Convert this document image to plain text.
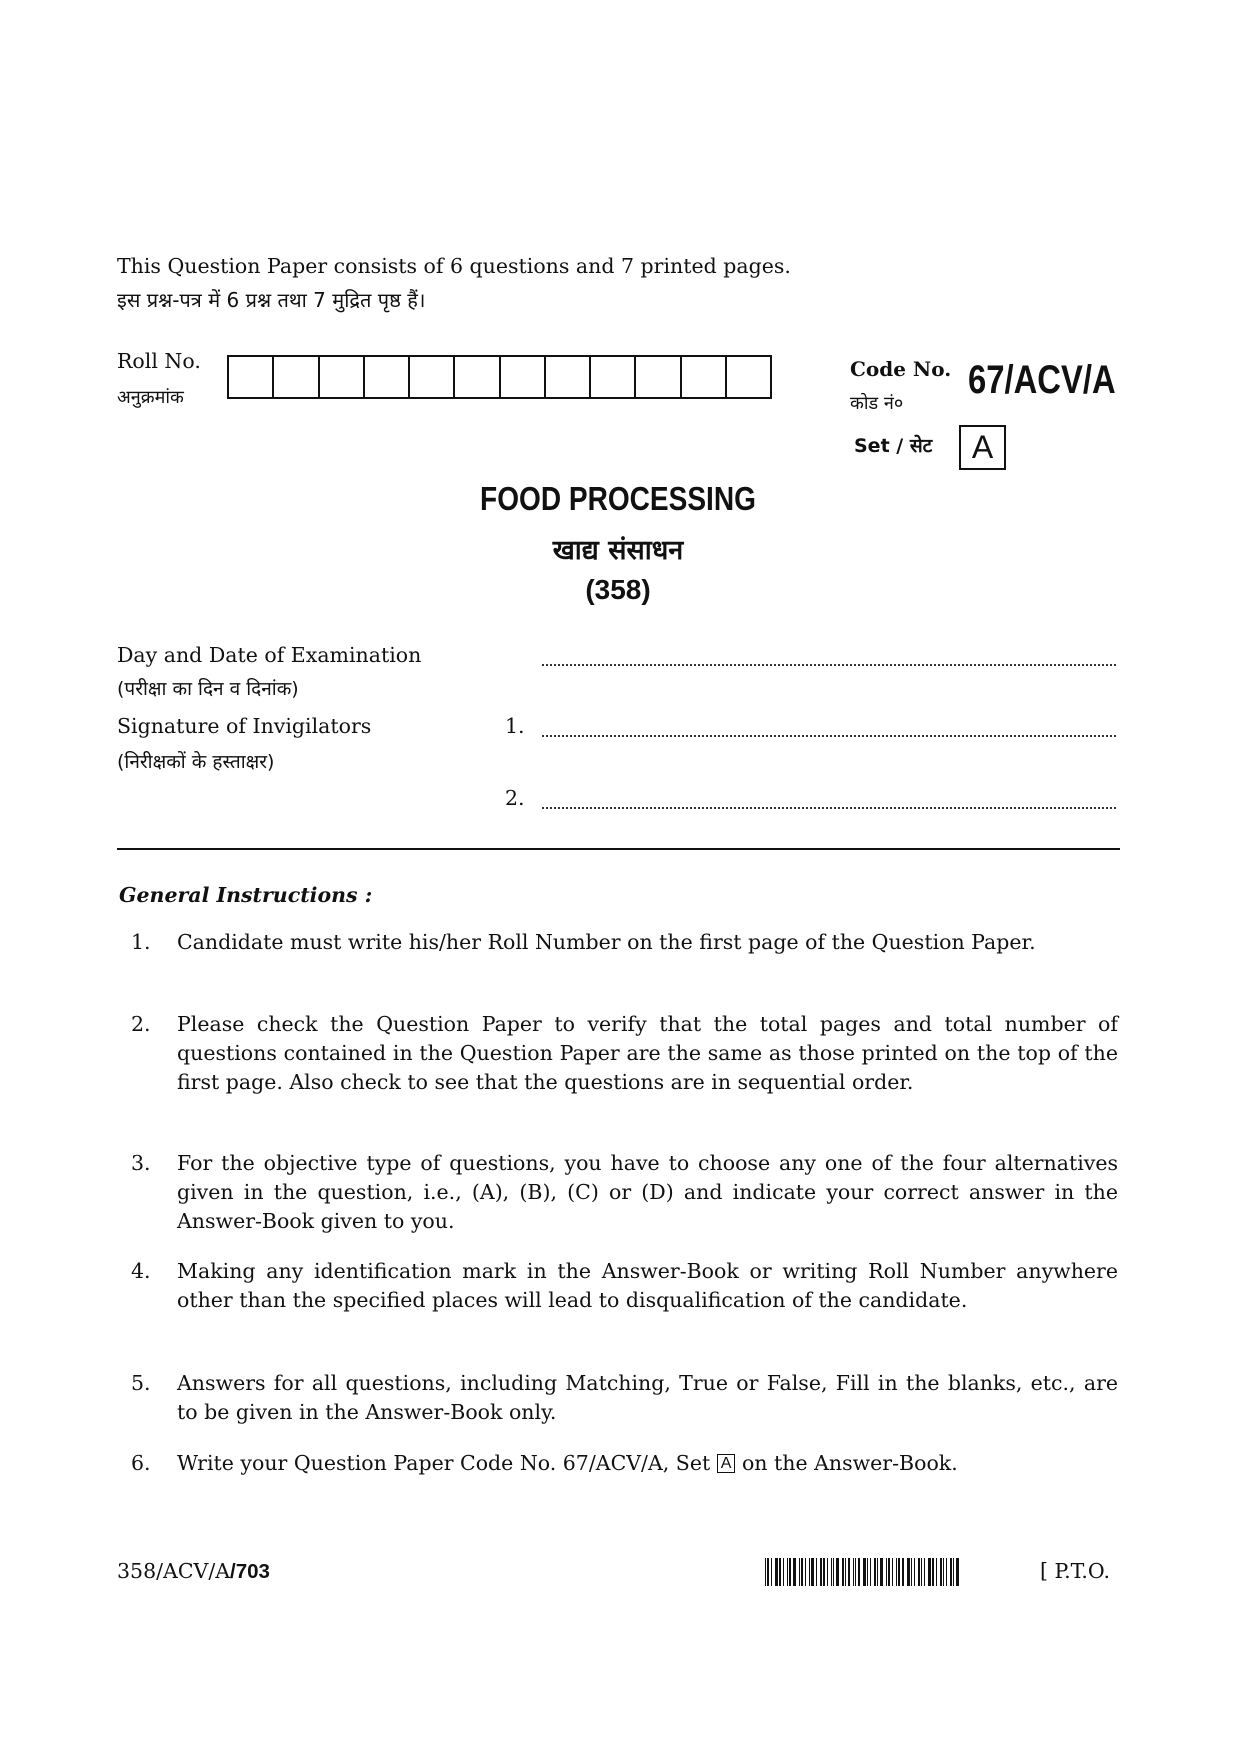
This Question Paper consists of 6 questions and 7 printed pages.
इस प्रश्न-पत्र में 6 प्रश्न तथा 7 मुद्रित पृष्ठ हैं।
Roll No.
अनुक्रमांक
Code No. 67/ACV/A
कोड नं०
Set / सेट	A
FOOD PROCESSING
खाद्य संसाधन
(358)
Day and Date of Examination
(परीक्षा का दिन व दिनांक)
Signature of Invigilators	1.
(निरीक्षकों के हस्ताक्षर)
2.
General Instructions :
1. Candidate must write his/her Roll Number on the first page of the Question Paper.
2. Please check the Question Paper to verify that the total pages and total number of questions contained in the Question Paper are the same as those printed on the top of the first page. Also check to see that the questions are in sequential order.
3. For the objective type of questions, you have to choose any one of the four alternatives given in the question, i.e., (A), (B), (C) or (D) and indicate your correct answer in the Answer-Book given to you.
4. Making any identification mark in the Answer-Book or writing Roll Number anywhere other than the specified places will lead to disqualification of the candidate.
5. Answers for all questions, including Matching, True or False, Fill in the blanks, etc., are to be given in the Answer-Book only.
6. Write your Question Paper Code No. 67/ACV/A, Set A on the Answer-Book.
358/ACV/A/703	[ P.T.O.
